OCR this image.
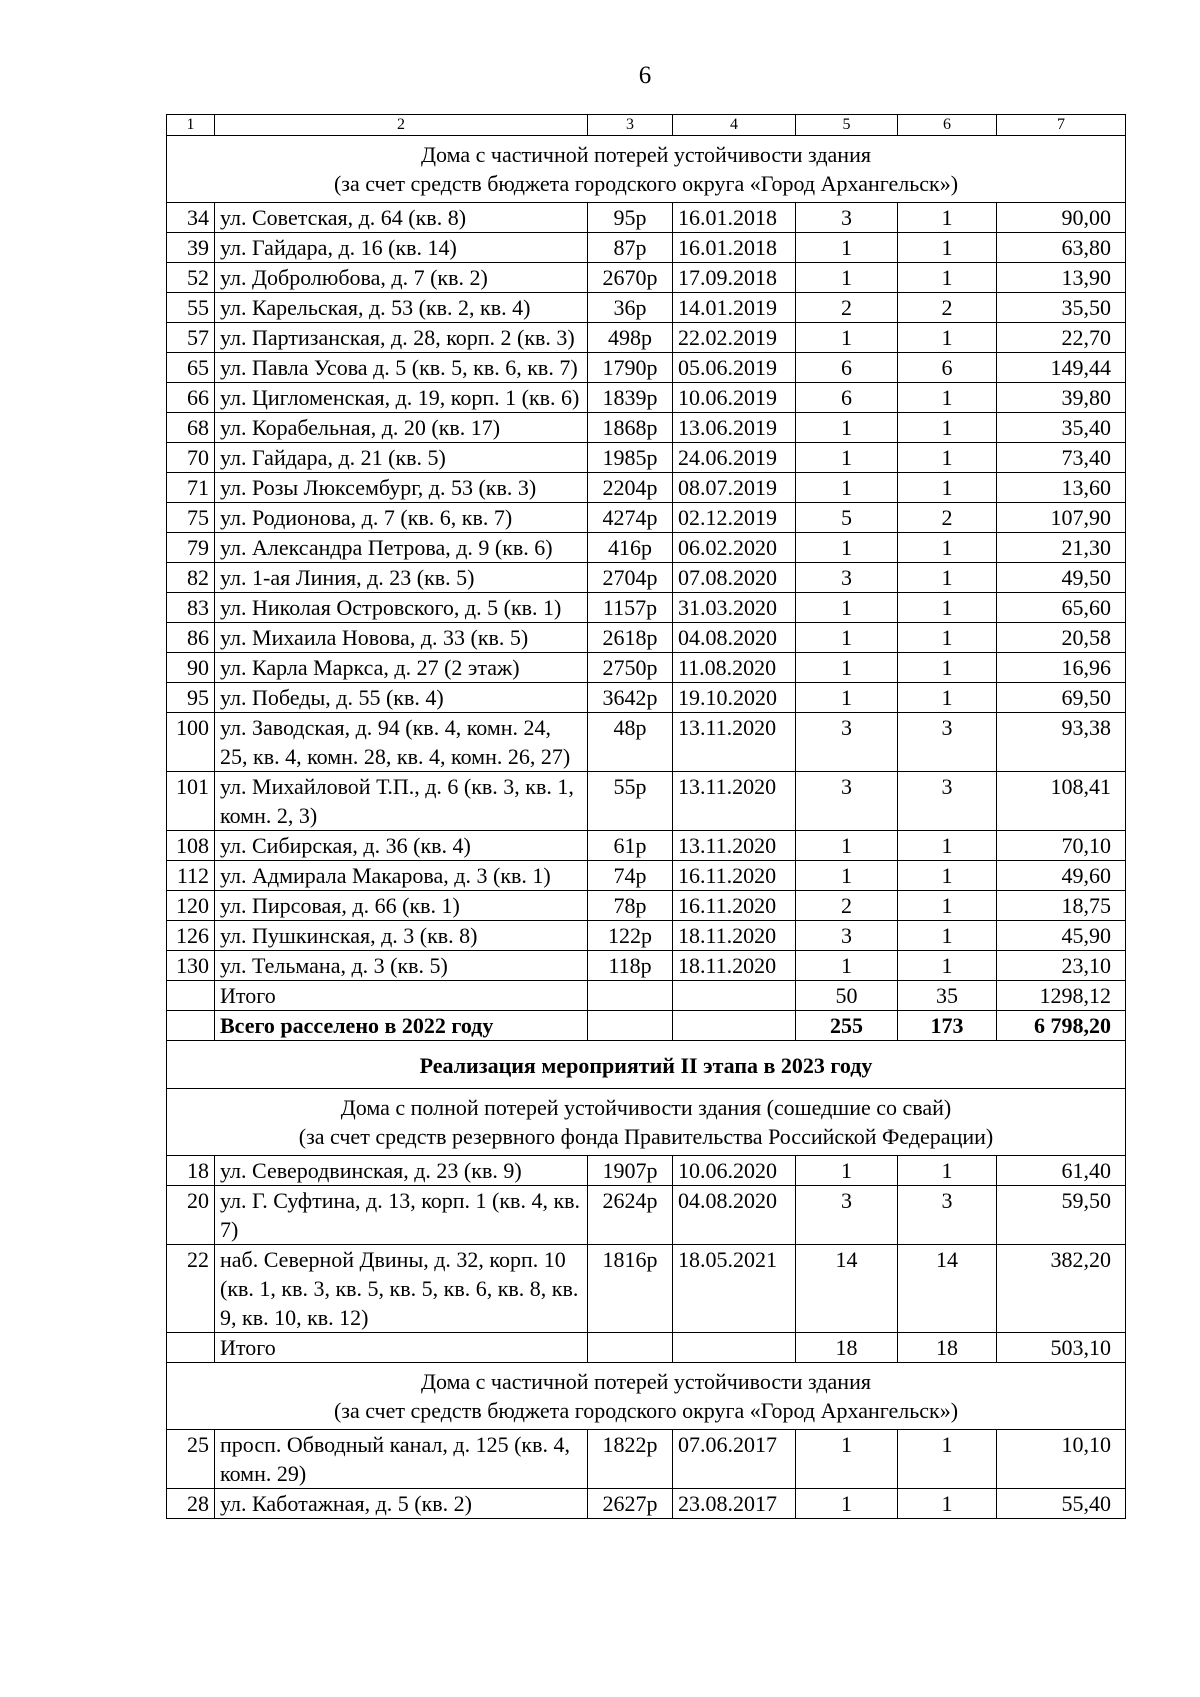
6
1	2	3	4	5	6	7

Дома с частичной потерей устойчивости здания
(за счет средств бюджета городского округа «Город Архангельск»)						

34	ул. Советская, д. 64 (кв. 8)	95р	16.01.2018	3	1	90,00
39	ул. Гайдара, д. 16 (кв. 14)	87р	16.01.2018	1	1	63,80
52	ул. Добролюбова, д. 7 (кв. 2)	2670р	17.09.2018	1	1	13,90
55	ул. Карельская, д. 53 (кв. 2, кв. 4)	36р	14.01.2019	2	2	35,50
57	ул. Партизанская, д. 28, корп. 2 (кв. 3)	498р	22.02.2019	1	1	22,70
65	ул. Павла Усова д. 5 (кв. 5, кв. 6, кв. 7)	1790р	05.06.2019	6	6	149,44
66	ул. Цигломенская, д. 19, корп. 1 (кв. 6)	1839р	10.06.2019	6	1	39,80
68	ул. Корабельная, д. 20 (кв. 17)	1868р	13.06.2019	1	1	35,40
70	ул. Гайдара, д. 21 (кв. 5)	1985р	24.06.2019	1	1	73,40
71	ул. Розы Люксембург, д. 53 (кв. 3)	2204р	08.07.2019	1	1	13,60
75	ул. Родионова, д. 7 (кв. 6, кв. 7)	4274р	02.12.2019	5	2	107,90
79	ул. Александра Петрова, д. 9 (кв. 6)	416р	06.02.2020	1	1	21,30
82	ул. 1-ая Линия, д. 23 (кв. 5)	2704р	07.08.2020	3	1	49,50
83	ул. Николая Островского, д. 5 (кв. 1)	1157р	31.03.2020	1	1	65,60
86	ул. Михаила Новова, д. 33 (кв. 5)	2618р	04.08.2020	1	1	20,58
90	ул. Карла Маркса, д. 27 (2 этаж)	2750р	11.08.2020	1	1	16,96
95	ул. Победы, д. 55 (кв. 4)	3642р	19.10.2020	1	1	69,50
100	ул. Заводская, д. 94 (кв. 4, комн. 24, 25, кв. 4, комн. 28, кв. 4, комн. 26, 27)	48р	13.11.2020	3	3	93,38
101	ул. Михайловой Т.П., д. 6 (кв. 3, кв. 1, комн. 2, 3)	55р	13.11.2020	3	3	108,41
108	ул. Сибирская, д. 36 (кв. 4)	61р	13.11.2020	1	1	70,10
112	ул. Адмирала Макарова, д. 3 (кв. 1)	74р	16.11.2020	1	1	49,60
120	ул. Пирсовая, д. 66 (кв. 1)	78р	16.11.2020	2	1	18,75
126	ул. Пушкинская, д. 3 (кв. 8)	122р	18.11.2020	3	1	45,90
130	ул. Тельмана, д. 3 (кв. 5)	118р	18.11.2020	1	1	23,10
	Итого			50	35	1298,12
	Всего расселено в 2022 году			255	173	6 798,20
Реализация мероприятий II этапа в 2023 году						

Дома с полной потерей устойчивости здания (сошедшие со свай)
(за счет средств резервного фонда Правительства Российской Федерации)						

18	ул. Северодвинская, д. 23 (кв. 9)	1907р	10.06.2020	1	1	61,40
20	ул. Г. Суфтина, д. 13, корп. 1 (кв. 4, кв. 7)	2624р	04.08.2020	3	3	59,50
22	наб. Северной Двины, д. 32, корп. 10 (кв. 1, кв. 3, кв. 5, кв. 5, кв. 6, кв. 8, кв. 9, кв. 10, кв. 12)	1816р	18.05.2021	14	14	382,20
	Итого			18	18	503,10

Дома с частичной потерей устойчивости здания
(за счет средств бюджета городского округа «Город Архангельск»)						

25	просп. Обводный канал, д. 125 (кв. 4, комн. 29)	1822р	07.06.2017	1	1	10,10
28	ул. Каботажная, д. 5 (кв. 2)	2627р	23.08.2017	1	1	55,40
